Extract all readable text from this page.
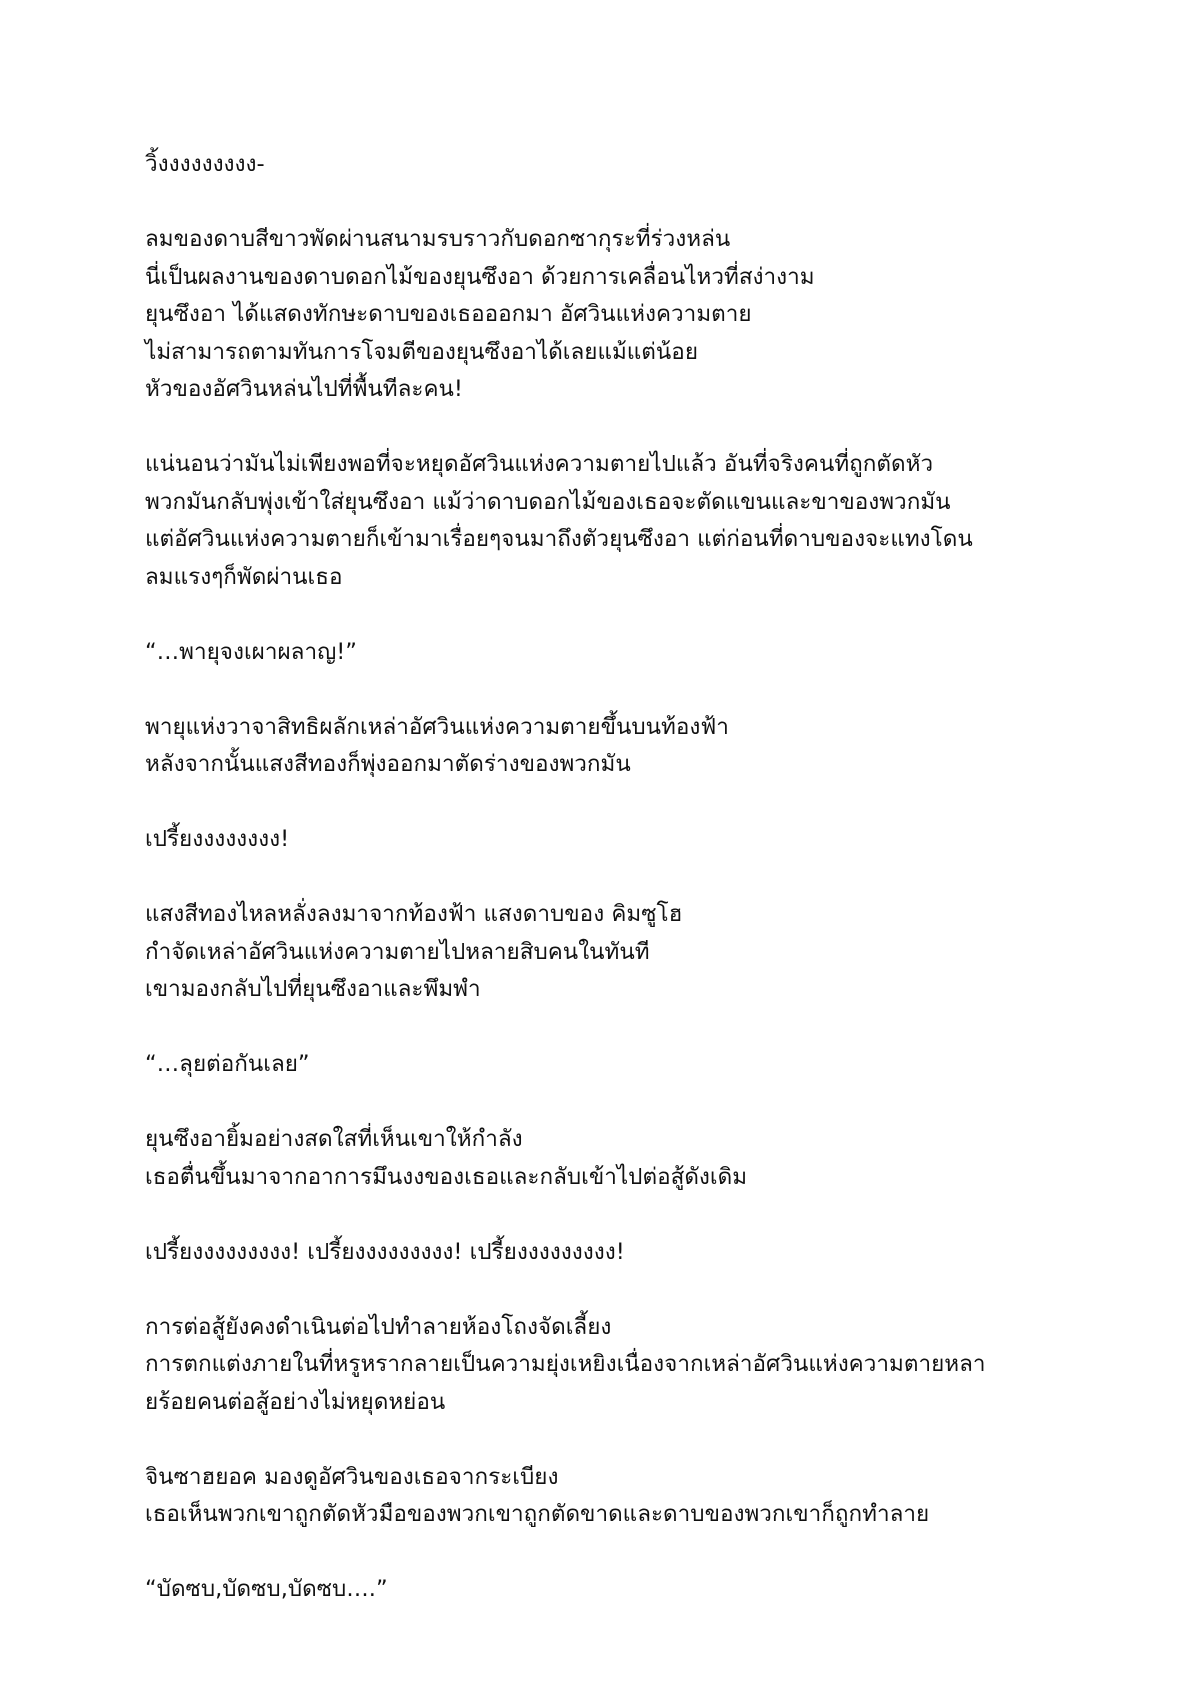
วิ้งงงงงงงงง-
ลมของดาบสีขาวพัดผ่านสนามรบราวกับดอกซากุระที่ร่วงหล่น
นี่เป็นผลงานของดาบดอกไม้ของยุนซึงอา ด้วยการเคลื่อนไหวที่สง่างาม
ยุนซึงอา ได้แสดงทักษะดาบของเธอออกมา อัศวินแห่งความตาย
ไม่สามารถตามทันการโจมตีของยุนซึงอาได้เลยแม้แต่น้อย
หัวของอัศวินหล่นไปที่พื้นทีละคน!
แน่นอนว่ามันไม่เพียงพอที่จะหยุดอัศวินแห่งความตายไปแล้ว อันที่จริงคนที่ถูกตัดหัว
พวกมันกลับพุ่งเข้าใส่ยุนซึงอา แม้ว่าดาบดอกไม้ของเธอจะตัดแขนและขาของพวกมัน
แต่อัศวินแห่งความตายก็เข้ามาเรื่อยๆจนมาถึงตัวยุนซึงอา แต่ก่อนที่ดาบของจะแทงโดน
ลมแรงๆก็พัดผ่านเธอ
“…พายุจงเผาผลาญ!”
พายุแห่งวาจาสิทธิผลักเหล่าอัศวินแห่งความตายขึ้นบนท้องฟ้า
หลังจากนั้นแสงสีทองก็พุ่งออกมาตัดร่างของพวกมัน
เปรี้ยงงงงงงงง!
แสงสีทองไหลหลั่งลงมาจากท้องฟ้า แสงดาบของ คิมซูโฮ
กำจัดเหล่าอัศวินแห่งความตายไปหลายสิบคนในทันที
เขามองกลับไปที่ยุนซึงอาและพึมพำ
“…ลุยต่อกันเลย”
ยุนซึงอายิ้มอย่างสดใสที่เห็นเขาให้กำลัง
เธอตื่นขึ้นมาจากอาการมึนงงของเธอและกลับเข้าไปต่อสู้ดังเดิม
เปรี้ยงงงงงงงงง! เปรี้ยงงงงงงงงง! เปรี้ยงงงงงงงงง!
การต่อสู้ยังคงดำเนินต่อไปทำลายห้องโถงจัดเลี้ยง
การตกแต่งภายในที่หรูหรากลายเป็นความยุ่งเหยิงเนื่องจากเหล่าอัศวินแห่งความตายหลา
ยร้อยคนต่อสู้อย่างไม่หยุดหย่อน
จินซาฮยอค มองดูอัศวินของเธอจากระเบียง
เธอเห็นพวกเขาถูกตัดหัวมือของพวกเขาถูกตัดขาดและดาบของพวกเขาก็ถูกทำลาย
“บัดซบ,บัดซบ,บัดซบ….”
